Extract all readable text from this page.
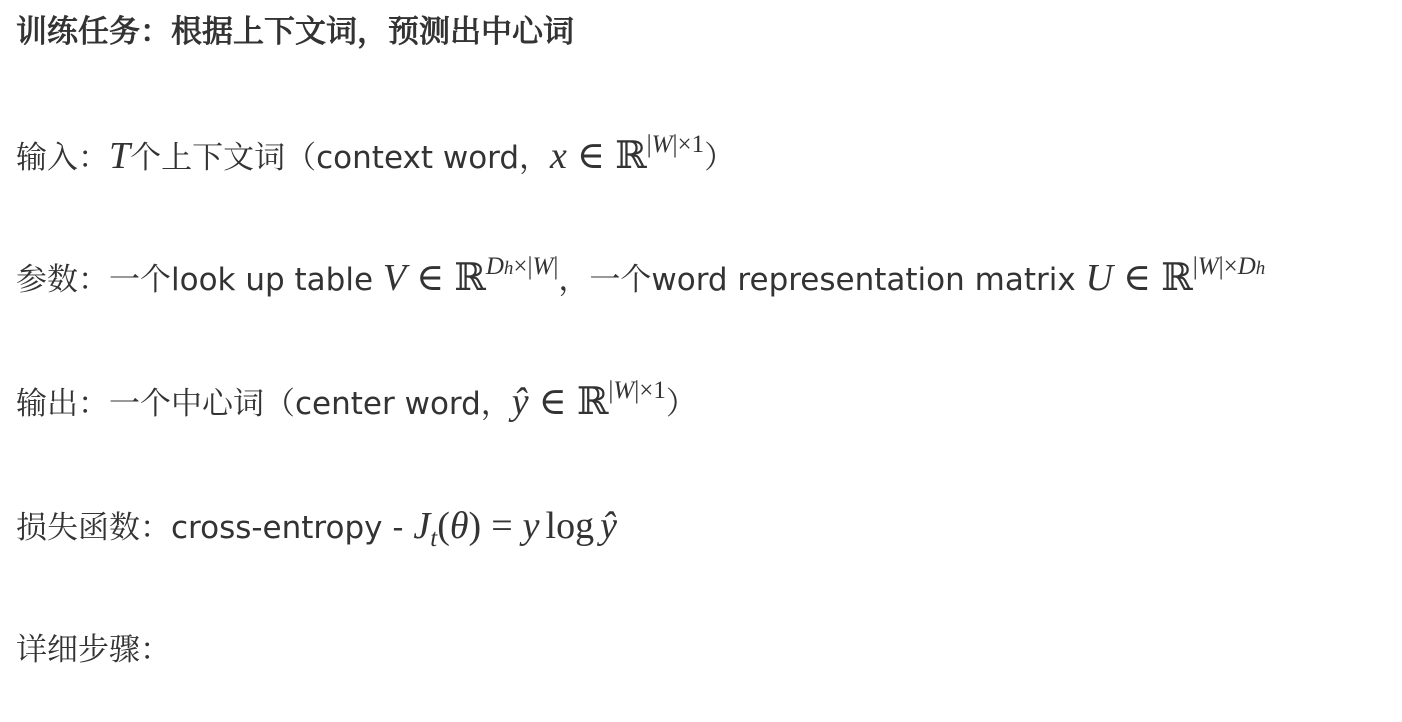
训练任务：根据上下文词，预测出中心词
输入：T个上下文词（context word，x ∈ ℝ$^{|W|\times 1}$）
参数：一个look up table V ∈ ℝ$^{Dh\times|W|}$，一个word representation matrix U ∈ ℝ$^{|W|\times Dh}$
输出：一个中心词（center word，ŷ ∈ ℝ$^{|W|\times 1}$）
损失函数：cross-entropy - $J_t(\theta) = y$ log ŷ
详细步骤：
